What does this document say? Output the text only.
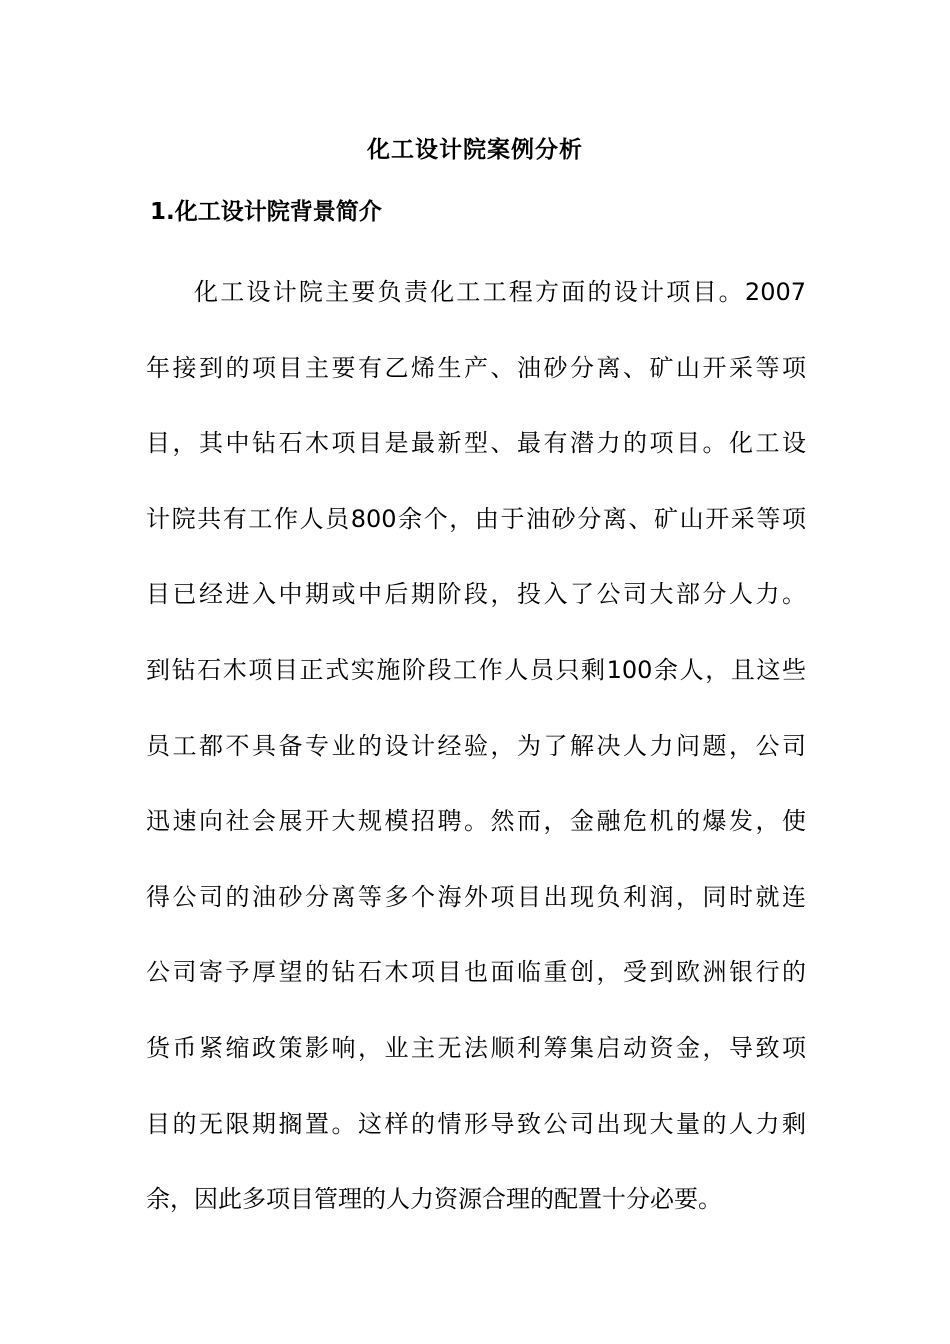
化工设计院案例分析
1.化工设计院背景简介
化工设计院主要负责化工工程方面的设计项目。2007
年接到的项目主要有乙烯生产、油砂分离、矿山开采等项
目，其中钻石木项目是最新型、最有潜力的项目。化工设
计院共有工作人员800余个，由于油砂分离、矿山开采等项
目已经进入中期或中后期阶段，投入了公司大部分人力。
到钻石木项目正式实施阶段工作人员只剩100余人，且这些
员工都不具备专业的设计经验，为了解决人力问题，公司
迅速向社会展开大规模招聘。然而，金融危机的爆发，使
得公司的油砂分离等多个海外项目出现负利润，同时就连
公司寄予厚望的钻石木项目也面临重创，受到欧洲银行的
货币紧缩政策影响，业主无法顺利筹集启动资金，导致项
目的无限期搁置。这样的情形导致公司出现大量的人力剩
余，因此多项目管理的人力资源合理的配置十分必要。
